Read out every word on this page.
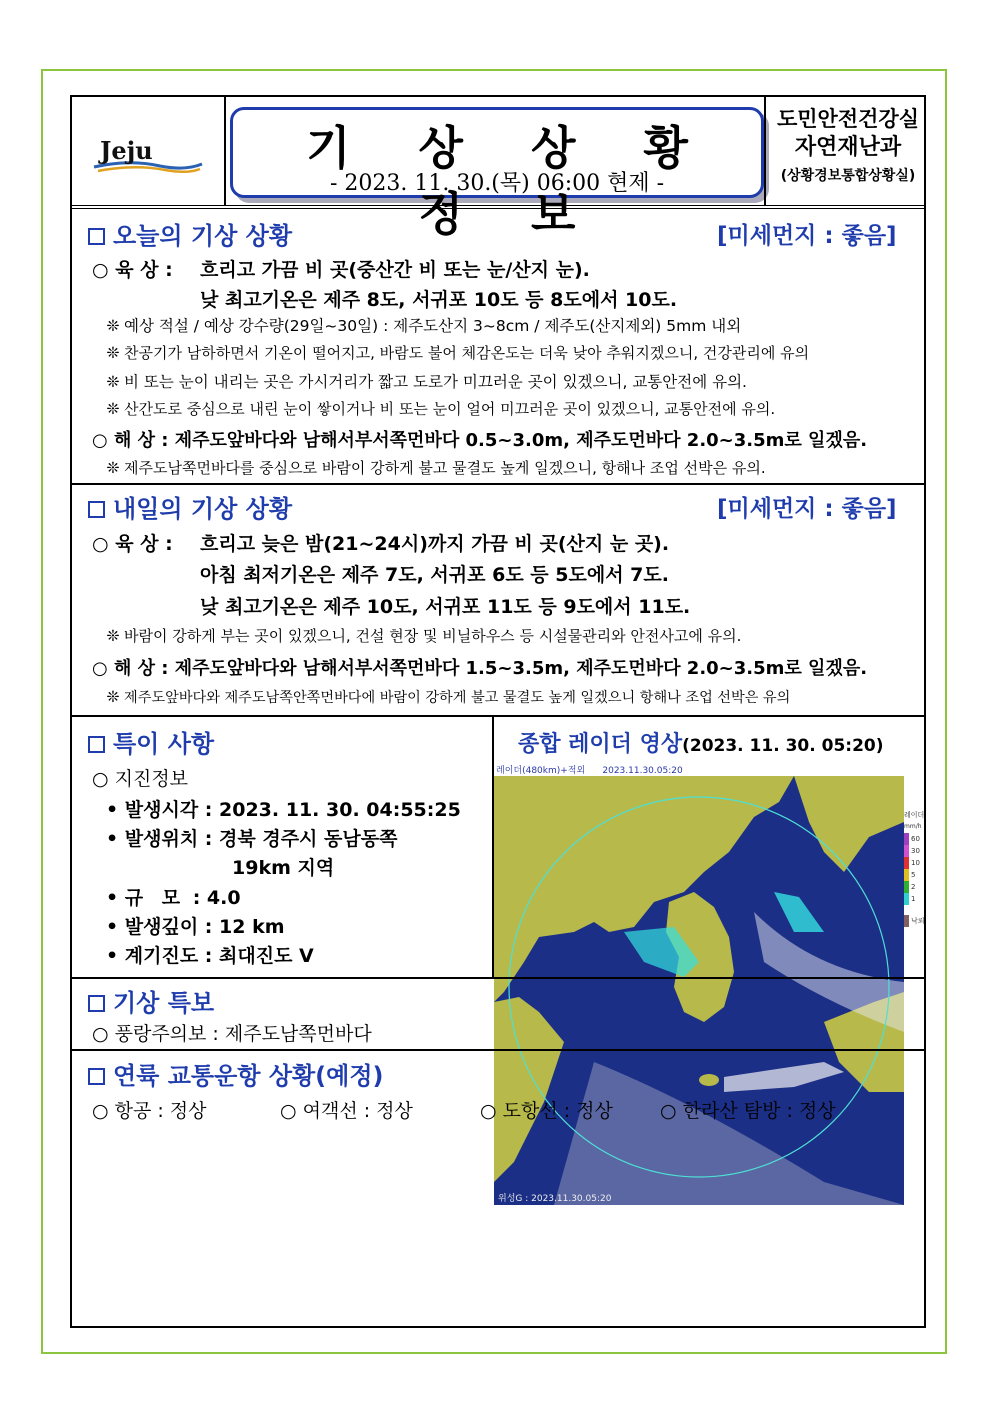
Jeju	기 상 상 황 정 보
- 2023. 11. 30.(목) 06:00 현제 -
도민안전건강실
자연재난과
(상황경보통합상황실)
오늘의 기상 상황	[미세먼지 : 좋음]
○ 육 상 : 흐리고 가끔 비 곳(중산간 비 또는 눈/산지 눈).
낮 최고기온은 제주 8도, 서귀포 10도 등 8도에서 10도.
❊ 예상 적설 / 예상 강수량(29일~30일) : 제주도산지 3~8cm / 제주도(산지제외) 5mm 내외
❊ 찬공기가 남하하면서 기온이 떨어지고, 바람도 불어 체감온도는 더욱 낮아 추워지겠으니, 건강관리에 유의
❊ 비 또는 눈이 내리는 곳은 가시거리가 짧고 도로가 미끄러운 곳이 있겠으니, 교통안전에 유의.
❊ 산간도로 중심으로 내린 눈이 쌓이거나 비 또는 눈이 얼어 미끄러운 곳이 있겠으니, 교통안전에 유의.
○ 해 상 : 제주도앞바다와 남해서부서쪽먼바다 0.5~3.0m, 제주도먼바다 2.0~3.5m로 일겠음.
❊ 제주도남쪽먼바다를 중심으로 바람이 강하게 불고 물결도 높게 일겠으니, 항해나 조업 선박은 유의.
내일의 기상 상황	[미세먼지 : 좋음]
○ 육 상 : 흐리고 늦은 밤(21~24시)까지 가끔 비 곳(산지 눈 곳).
아침 최저기온은 제주 7도, 서귀포 6도 등 5도에서 7도.
낮 최고기온은 제주 10도, 서귀포 11도 등 9도에서 11도.
❊ 바람이 강하게 부는 곳이 있겠으니, 건설 현장 및 비닐하우스 등 시설물관리와 안전사고에 유의.
○ 해 상 : 제주도앞바다와 남해서부서쪽먼바다 1.5~3.5m, 제주도먼바다 2.0~3.5m로 일겠음.
❊ 제주도앞바다와 제주도남쪽안쪽먼바다에 바람이 강하게 불고 물결도 높게 일겠으니 항해나 조업 선박은 유의
특이 사항
○ 지진정보
• 발생시각 : 2023. 11. 30. 04:55:25
• 발생위치 : 경북 경주시 동남동쪽
19km 지역
• 규 모 : 4.0
• 발생깊이 : 12 km
• 계기진도 : 최대진도 V
종합 레이더 영상(2023. 11. 30. 05:20)
레이더(480km)+적외 2023.11.30.05:20
위성G : 2023.11.30.05:20
레이더
mm/h
60
30
10
5
2
1
낙뢰
기상 특보
○ 풍랑주의보 : 제주도남쪽먼바다
연륙 교통운항 상황(예정)
○ 항공 : 정상	○ 여객선 : 정상	○ 도항선 : 정상 ○ 한라산 탐방 : 정상
